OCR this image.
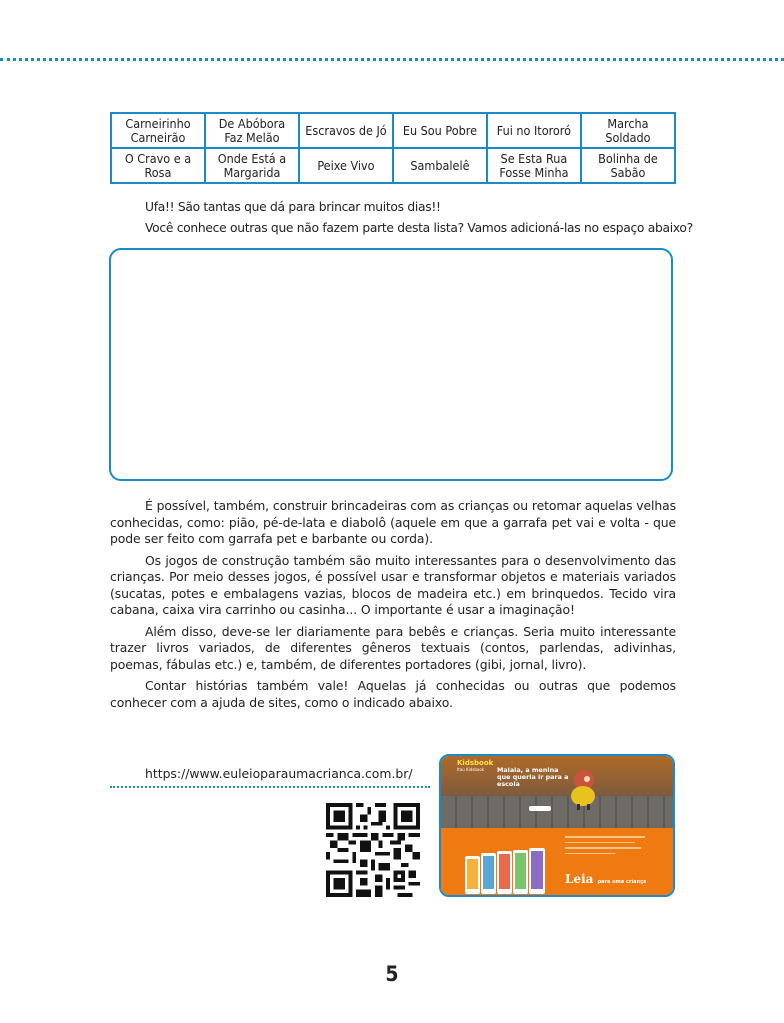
Carneirinho Carneirão	De Abóbora Faz Melão	Escravos de Jó	Eu Sou Pobre	Fui no Itororó	Marcha Soldado
O Cravo e a Rosa	Onde Está a Margarida	Peixe Vivo	Sambalelê	Se Esta Rua Fosse Minha	Bolinha de Sabão
Ufa!! São tantas que dá para brincar muitos dias!!
Você conhece outras que não fazem parte desta lista? Vamos adicioná-las no espaço abaixo?

É possível, também, construir brincadeiras com as crianças ou retomar aquelas velhas conhecidas, como: pião, pé-de-lata e diabolô (aquele em que a garrafa pet vai e volta - que pode ser feito com garrafa pet e barbante ou corda).

Os jogos de construção também são muito interessantes para o desenvolvimento das crianças. Por meio desses jogos, é possível usar e transformar objetos e materiais variados (sucatas, potes e embalagens vazias, blocos de madeira etc.) em brinquedos. Tecido vira cabana, caixa vira carrinho ou casinha... O importante é usar a imaginação!

Além disso, deve-se ler diariamente para bebês e crianças. Seria muito interessante trazer livros variados, de diferentes gêneros textuais (contos, parlendas, adivinhas, poemas, fábulas etc.) e, também, de diferentes portadores (gibi, jornal, livro).

Contar histórias também vale! Aquelas já conhecidas ou outras que podemos conhecer com a ajuda de sites, como o indicado abaixo.

https://www.euleioparaumacrianca.com.br/
Kidsbook
Itaú Kidsbook	Malala, a menina que queria ir para a escola
Leia para uma criança
5
